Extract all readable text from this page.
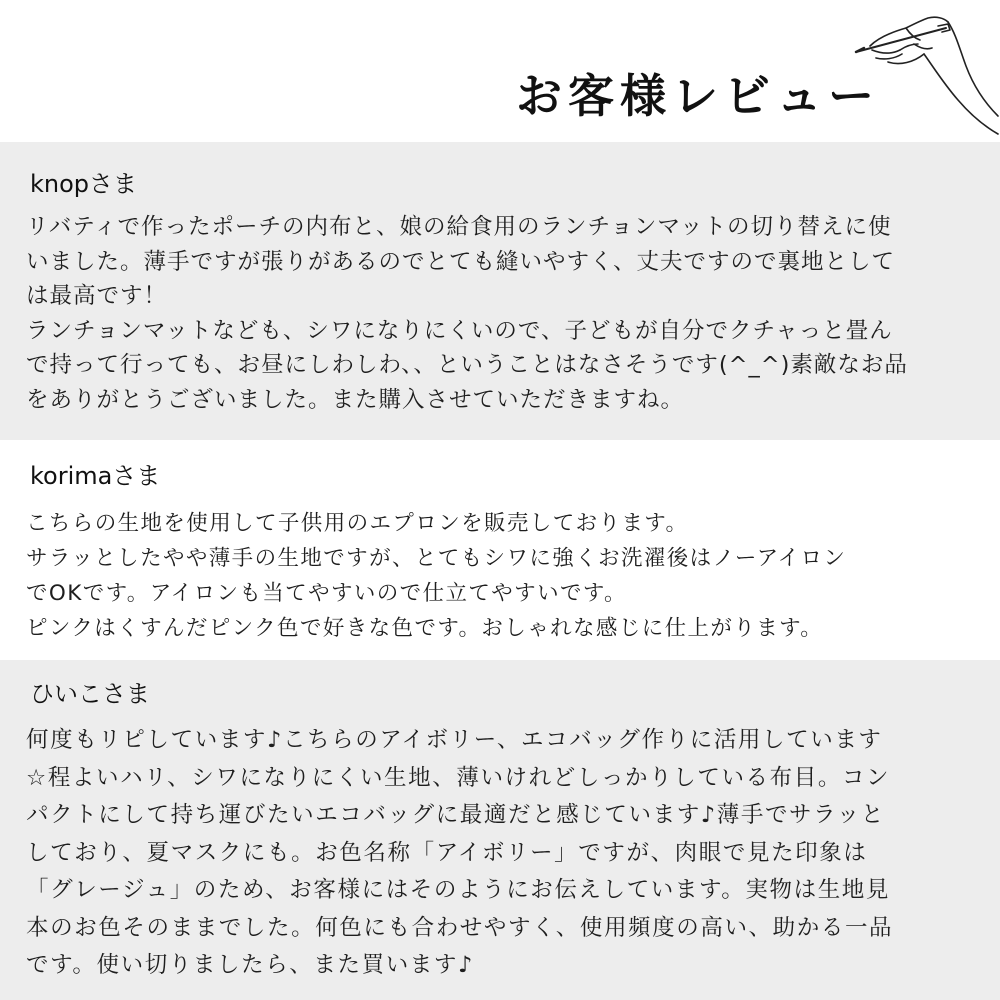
お客様レビュー
knopさま

リバティで作ったポーチの内布と、娘の給食用のランチョンマットの切り替えに使
いました。薄手ですが張りがあるのでとても縫いやすく、丈夫ですので裏地として
は最高です！
ランチョンマットなども、シワになりにくいので、子どもが自分でクチャっと畳ん
で持って行っても、お昼にしわしわ、、ということはなさそうです(^_^)素敵なお品
をありがとうございました。また購入させていただきますね。

korimaさま

こちらの生地を使用して子供用のエプロンを販売しております。
サラッとしたやや薄手の生地ですが、とてもシワに強くお洗濯後はノーアイロン
でOKです。アイロンも当てやすいので仕立てやすいです。
ピンクはくすんだピンク色で好きな色です。おしゃれな感じに仕上がります。

ひいこさま

何度もリピしています♪こちらのアイボリー、エコバッグ作りに活用しています
☆程よいハリ、シワになりにくい生地、薄いけれどしっかりしている布目。コン
パクトにして持ち運びたいエコバッグに最適だと感じています♪薄手でサラッと
しており、夏マスクにも。お色名称「アイボリー」ですが、肉眼で見た印象は
「グレージュ」のため、お客様にはそのようにお伝えしています。実物は生地見
本のお色そのままでした。何色にも合わせやすく、使用頻度の高い、助かる一品
です。使い切りましたら、また買います♪
